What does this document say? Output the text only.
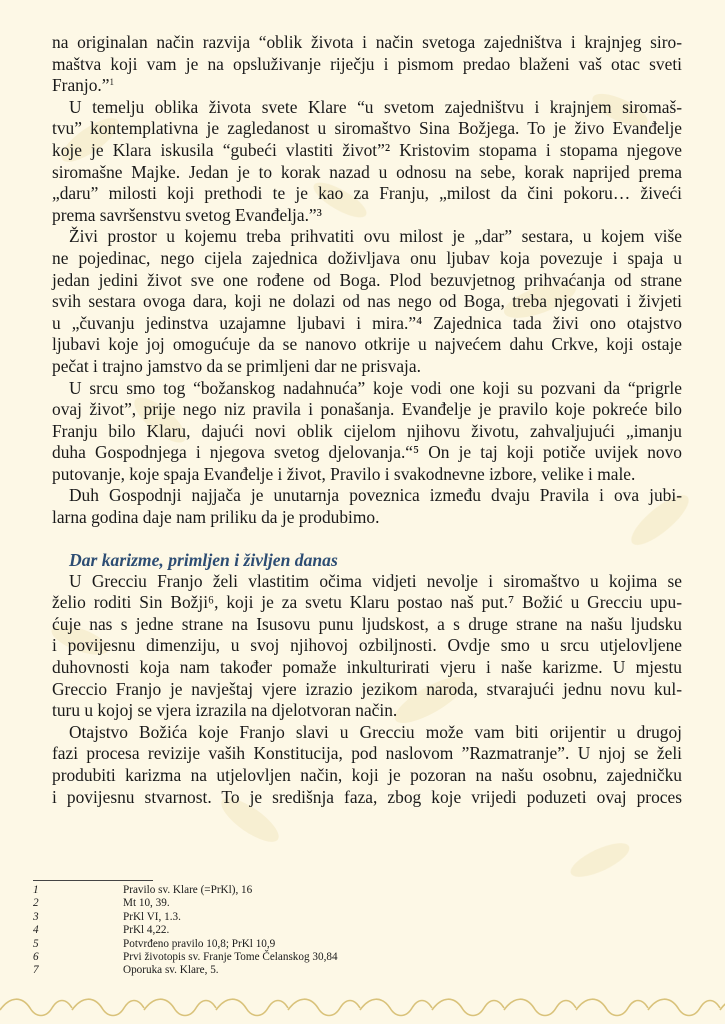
na originalan način razvija “oblik života i način svetoga zajedništva i krajnjeg siro-
maštva koji vam je na opsluživanje riječju i pismom predao blaženi vaš otac sveti
Franjo.”$^1$
U temelju oblika života svete Klare “u svetom zajedništvu i krajnjem siromaš-
tvu” kontemplativna je zagledanost u siromaštvo Sina Božjega. To je živo Evanđelje
koje je Klara iskusila “gubeći vlastiti život”² Kristovim stopama i stopama njegove
siromašne Majke. Jedan je to korak nazad u odnosu na sebe, korak naprijed prema
„daru” milosti koji prethodi te je kao za Franju, „milost da čini pokoru… živeći
prema savršenstvu svetog Evanđelja.”³
Živi prostor u kojemu treba prihvatiti ovu milost je „dar” sestara, u kojem više
ne pojedinac, nego cijela zajednica doživljava onu ljubav koja povezuje i spaja u
jedan jedini život sve one rođene od Boga. Plod bezuvjetnog prihvaćanja od strane
svih sestara ovoga dara, koji ne dolazi od nas nego od Boga, treba njegovati i živjeti
u „čuvanju jedinstva uzajamne ljubavi i mira.”⁴ Zajednica tada živi ono otajstvo
ljubavi koje joj omogućuje da se nanovo otkrije u najvećem dahu Crkve, koji ostaje
pečat i trajno jamstvo da se primljeni dar ne prisvaja.
U srcu smo tog “božanskog nadahnuća” koje vodi one koji su pozvani da “prigrle
ovaj život”, prije nego niz pravila i ponašanja. Evanđelje je pravilo koje pokreće bilo
Franju bilo Klaru, dajući novi oblik cijelom njihovu životu, zahvaljujući „imanju
duha Gospodnjega i njegova svetog djelovanja.“⁵ On je taj koji potiče uvijek novo
putovanje, koje spaja Evanđelje i život, Pravilo i svakodnevne izbore, velike i male.
Duh Gospodnji najjača je unutarnja poveznica između dvaju Pravila i ova jubi-
larna godina daje nam priliku da je produbimo.
Dar karizme, primljen i življen danas
U Grecciu Franjo želi vlastitim očima vidjeti nevolje i siromaštvo u kojima se
želio roditi Sin Božji⁶, koji je za svetu Klaru postao naš put.⁷ Božić u Grecciu upu-
ćuje nas s jedne strane na Isusovu punu ljudskost, a s druge strane na našu ljudsku
i povijesnu dimenziju, u svoj njihovoj ozbiljnosti. Ovdje smo u srcu utjelovljene
duhovnosti koja nam također pomaže inkulturirati vjeru i naše karizme. U mjestu
Greccio Franjo je navještaj vjere izrazio jezikom naroda, stvarajući jednu novu kul-
turu u kojoj se vjera izrazila na djelotvoran način.
Otajstvo Božića koje Franjo slavi u Grecciu može vam biti orijentir u drugoj
fazi procesa revizije vaših Konstitucija, pod naslovom ”Razmatranje”. U njoj se želi
produbiti karizma na utjelovljen način, koji je pozoran na našu osobnu, zajedničku
i povijesnu stvarnost. To je središnja faza, zbog koje vrijedi poduzeti ovaj proces
1	Pravilo sv. Klare (=PrKl), 16
2	Mt 10, 39.
3	PrKl VI, 1.3.
4	PrKl 4,22.
5	Potvrđeno pravilo 10,8; PrKl 10,9
6	Prvi životopis sv. Franje Tome Čelanskog 30,84
7	Oporuka sv. Klare, 5.
